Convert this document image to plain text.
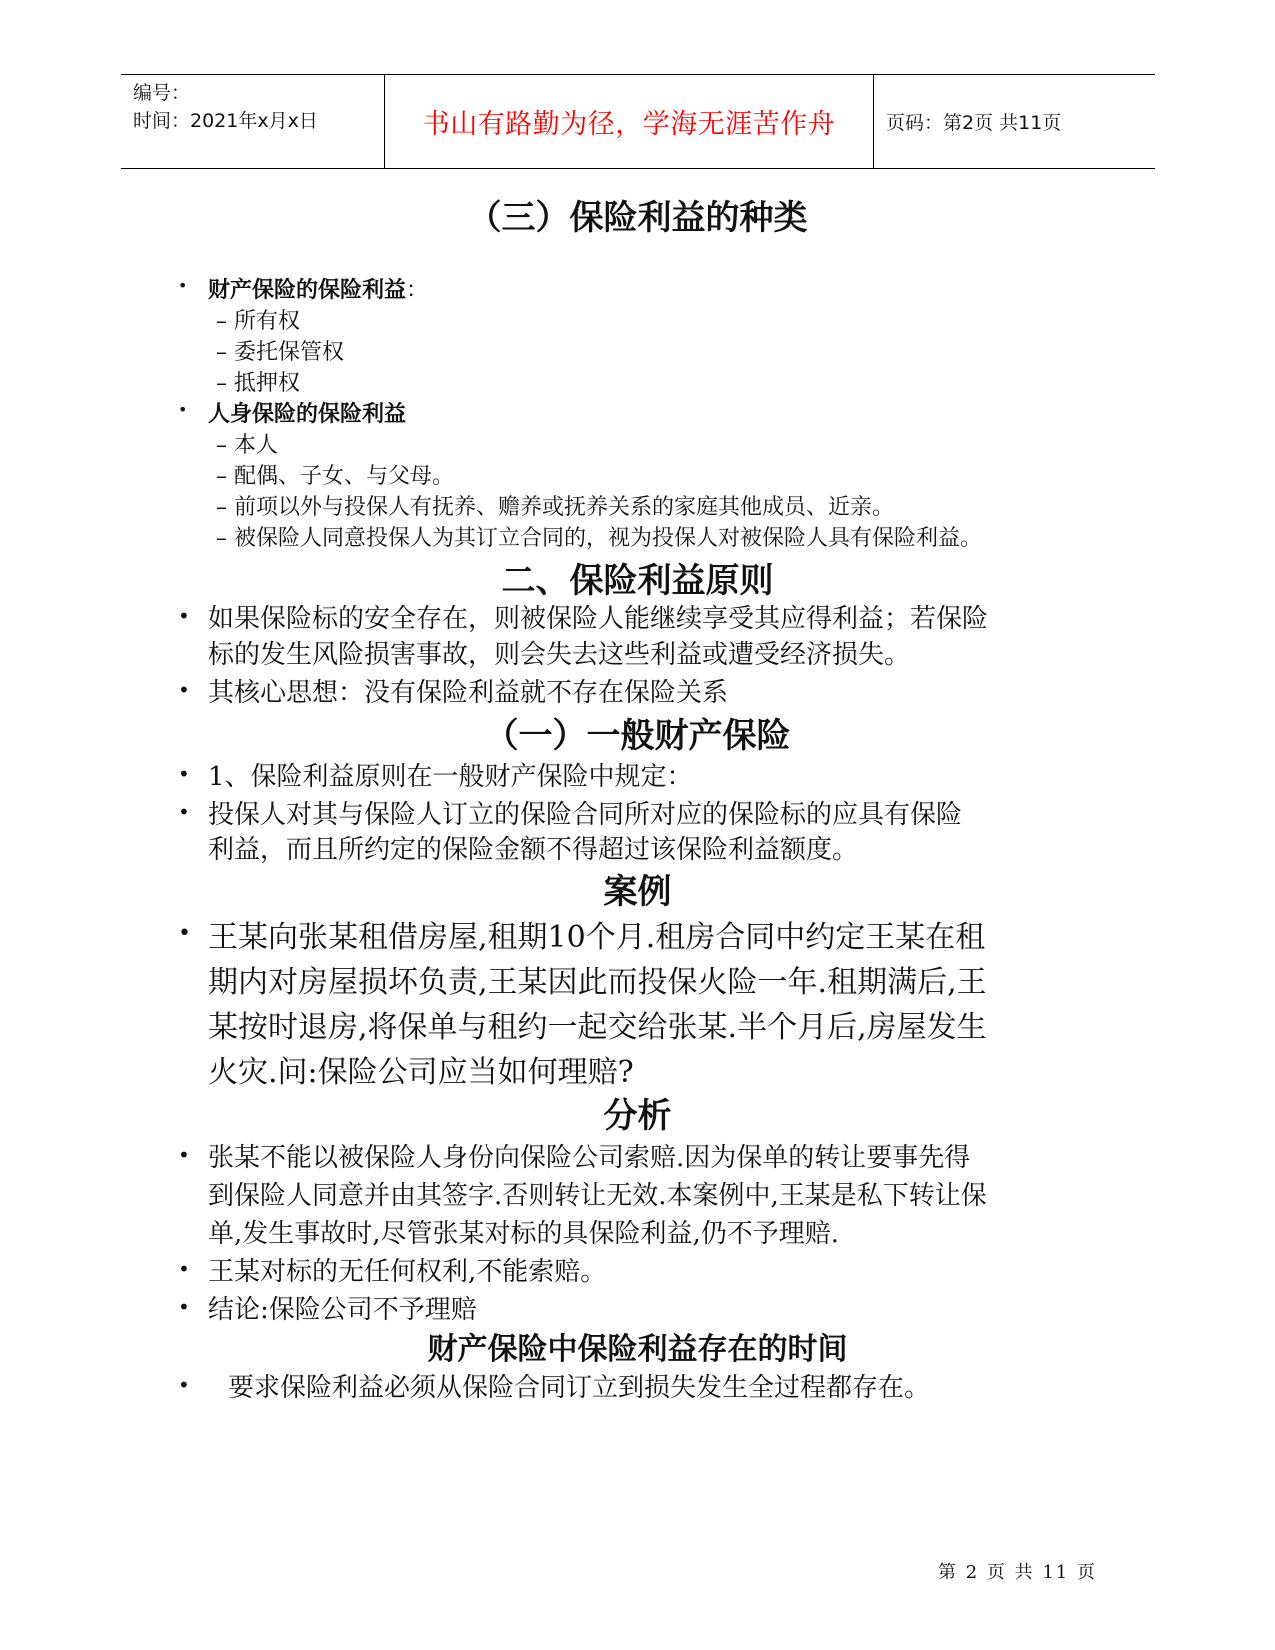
编号：
时间：2021年x月x日	书山有路勤为径，学海无涯苦作舟	页码：第2页 共11页
（三）保险利益的种类
• 财产保险的保险利益：
– 所有权
– 委托保管权
– 抵押权
• 人身保险的保险利益
– 本人
– 配偶、子女、与父母。
– 前项以外与投保人有抚养、赡养或抚养关系的家庭其他成员、近亲。
– 被保险人同意投保人为其订立合同的，视为投保人对被保险人具有保险利益。
二、保险利益原则
• 如果保险标的安全存在，则被保险人能继续享受其应得利益；若保险
标的发生风险损害事故，则会失去这些利益或遭受经济损失。
• 其核心思想：没有保险利益就不存在保险关系
（一）一般财产保险
• 1、保险利益原则在一般财产保险中规定：
• 投保人对其与保险人订立的保险合同所对应的保险标的应具有保险
利益，而且所约定的保险金额不得超过该保险利益额度。
案例
• 王某向张某租借房屋,租期10个月.租房合同中约定王某在租
期内对房屋损坏负责,王某因此而投保火险一年.租期满后,王
某按时退房,将保单与租约一起交给张某.半个月后,房屋发生
火灾.问:保险公司应当如何理赔?
分析
• 张某不能以被保险人身份向保险公司索赔.因为保单的转让要事先得
到保险人同意并由其签字.否则转让无效.本案例中,王某是私下转让保
单,发生事故时,尽管张某对标的具保险利益,仍不予理赔.
• 王某对标的无任何权利,不能索赔。
• 结论:保险公司不予理赔
财产保险中保险利益存在的时间
• 要求保险利益必须从保险合同订立到损失发生全过程都存在。
第 2 页 共 11 页
